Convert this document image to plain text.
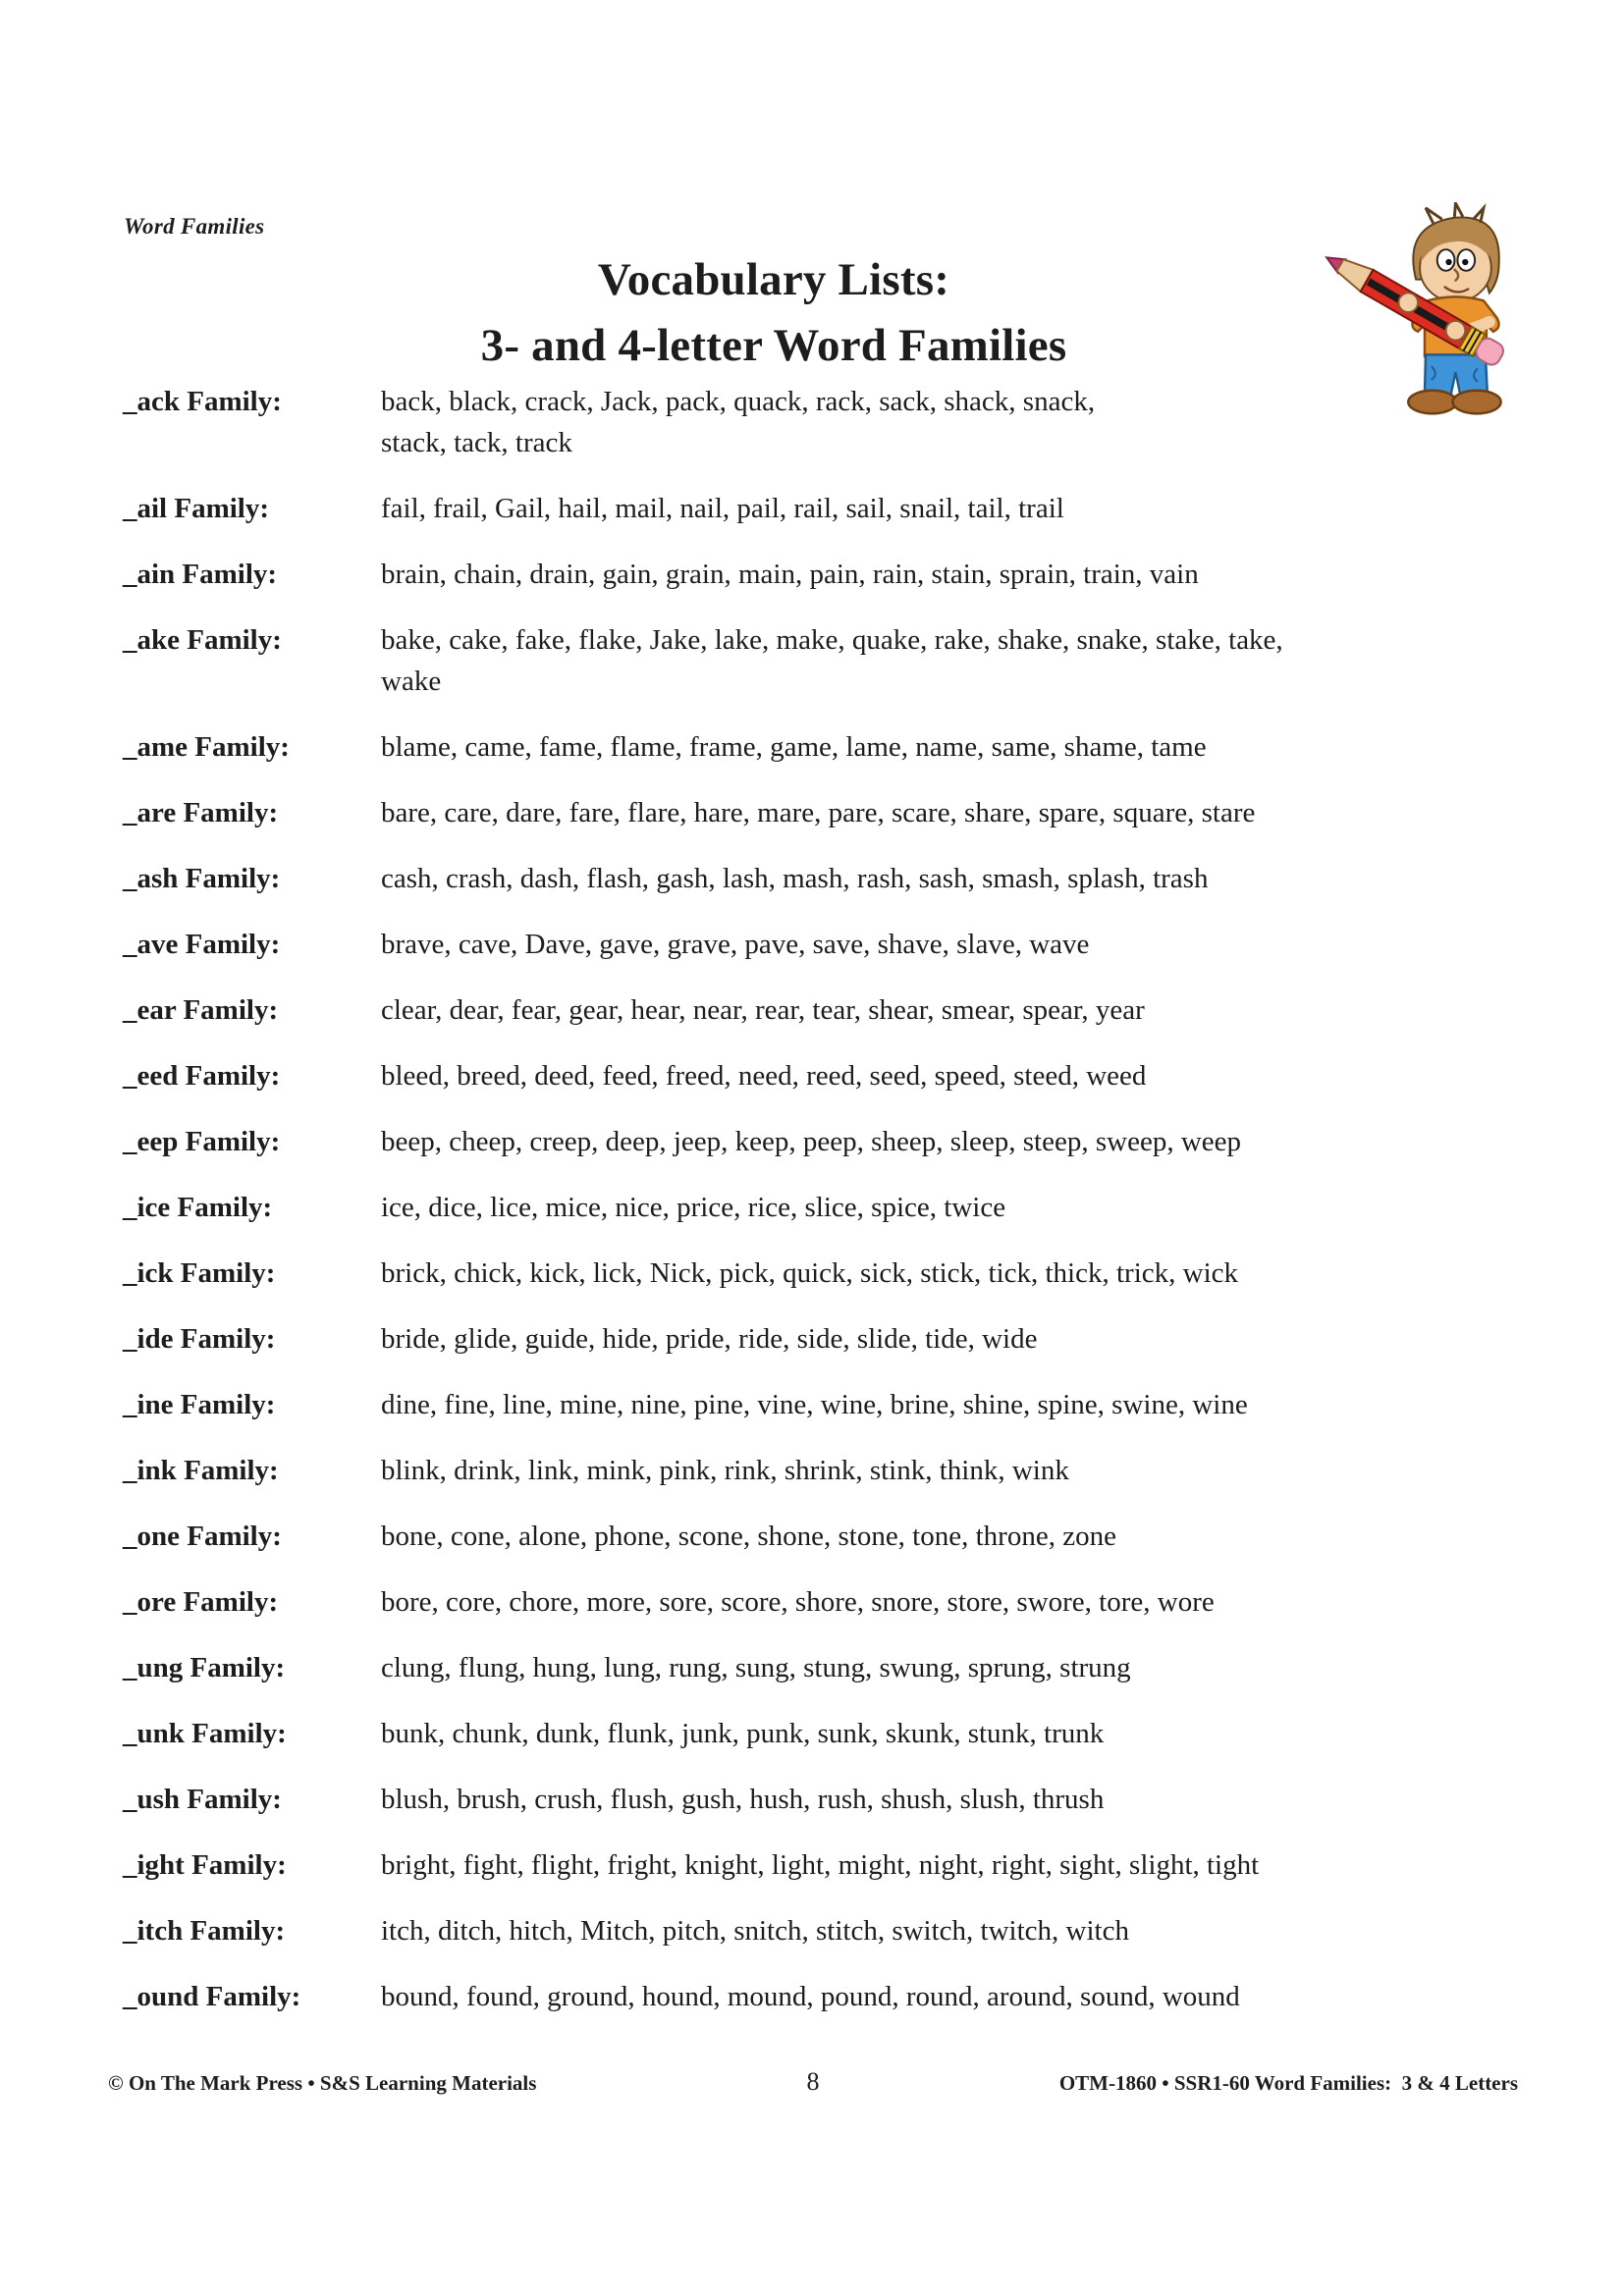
Word Families
Vocabulary Lists:
3- and 4-letter Word Families
_ack Family:	back, black, crack, Jack, pack, quack, rack, sack, shack, snack,
stack, tack, track
_ail Family:	fail, frail, Gail, hail, mail, nail, pail, rail, sail, snail, tail, trail
_ain Family:	brain, chain, drain, gain, grain, main, pain, rain, stain, sprain, train, vain
_ake Family:	bake, cake, fake, flake, Jake, lake, make, quake, rake, shake, snake, stake, take,
wake
_ame Family:	blame, came, fame, flame, frame, game, lame, name, same, shame, tame
_are Family:	bare, care, dare, fare, flare, hare, mare, pare, scare, share, spare, square, stare
_ash Family:	cash, crash, dash, flash, gash, lash, mash, rash, sash, smash, splash, trash
_ave Family:	brave, cave, Dave, gave, grave, pave, save, shave, slave, wave
_ear Family:	clear, dear, fear, gear, hear, near, rear, tear, shear, smear, spear, year
_eed Family:	bleed, breed, deed, feed, freed, need, reed, seed, speed, steed, weed
_eep Family:	beep, cheep, creep, deep, jeep, keep, peep, sheep, sleep, steep, sweep, weep
_ice Family:	ice, dice, lice, mice, nice, price, rice, slice, spice, twice
_ick Family:	brick, chick, kick, lick, Nick, pick, quick, sick, stick, tick, thick, trick, wick
_ide Family:	bride, glide, guide, hide, pride, ride, side, slide, tide, wide
_ine Family:	dine, fine, line, mine, nine, pine, vine, wine, brine, shine, spine, swine, wine
_ink Family:	blink, drink, link, mink, pink, rink, shrink, stink, think, wink
_one Family:	bone, cone, alone, phone, scone, shone, stone, tone, throne, zone
_ore Family:	bore, core, chore, more, sore, score, shore, snore, store, swore, tore, wore
_ung Family:	clung, flung, hung, lung, rung, sung, stung, swung, sprung, strung
_unk Family:	bunk, chunk, dunk, flunk, junk, punk, sunk, skunk, stunk, trunk
_ush Family:	blush, brush, crush, flush, gush, hush, rush, shush, slush, thrush
_ight Family:	bright, fight, flight, fright, knight, light, might, night, right, sight, slight, tight
_itch Family:	itch, ditch, hitch, Mitch, pitch, snitch, stitch, switch, twitch, witch
_ound Family:	bound, found, ground, hound, mound, pound, round, around, sound, wound
© On The Mark Press • S&S Learning Materials	8	OTM-1860 • SSR1-60 Word Families:  3 & 4 Letters
